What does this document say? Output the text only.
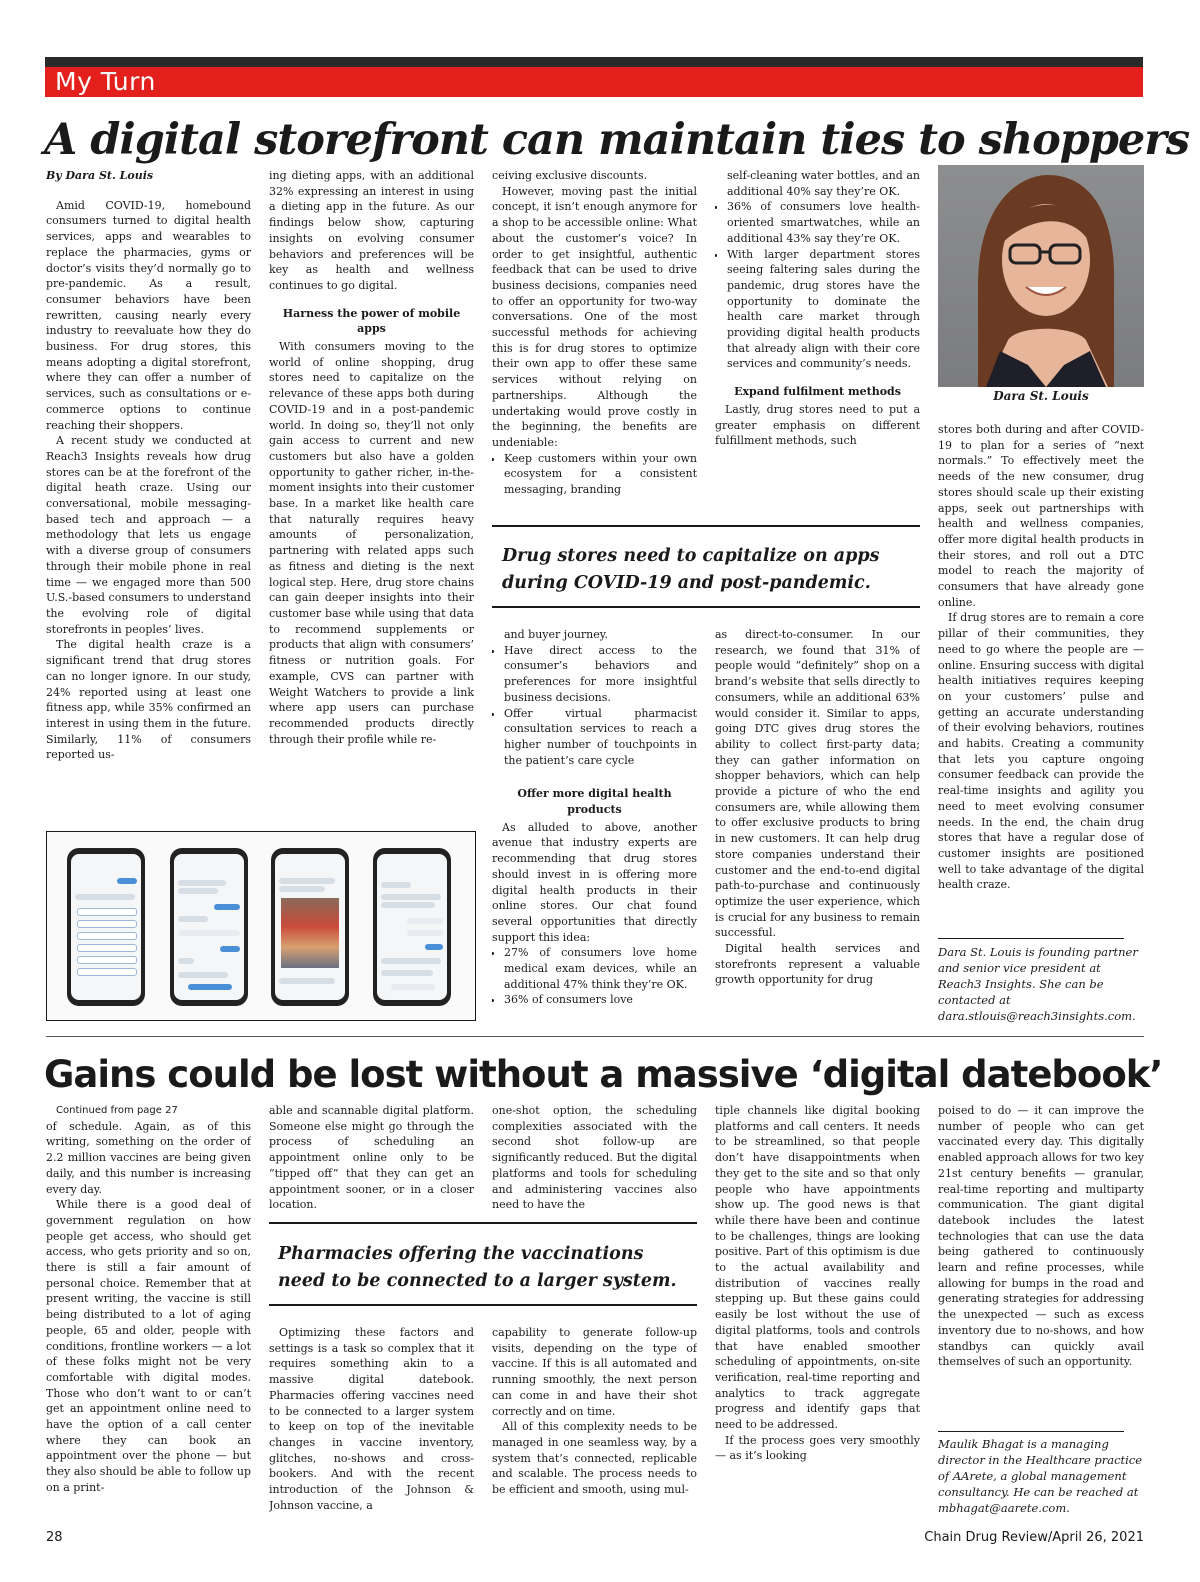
My Turn
A digital storefront can maintain ties to shoppers

By Dara St. Louis

Amid COVID-19, homebound consumers turned to digital health services, apps and wearables to replace the pharmacies, gyms or doctor’s visits they’d normally go to pre-pandemic. As a result, consumer behaviors have been rewritten, causing nearly every industry to reevaluate how they do business. For drug stores, this means adopting a digital storefront, where they can offer a number of services, such as consultations or e-commerce options to continue reaching their shoppers.

A recent study we conducted at Reach3 Insights reveals how drug stores can be at the forefront of the digital heath craze. Using our conversational, mobile messaging-based tech and approach — a methodology that lets us engage with a diverse group of consumers through their mobile phone in real time — we engaged more than 500 U.S.-based consumers to understand the evolving role of digital storefronts in peoples’ lives.

The digital health craze is a significant trend that drug stores can no longer ignore. In our study, 24% reported using at least one fitness app, while 35% confirmed an interest in using them in the future. Similarly, 11% of consumers reported us-

ing dieting apps, with an additional 32% expressing an interest in using a dieting app in the future. As our findings below show, capturing insights on evolving consumer behaviors and preferences will be key as health and wellness continues to go digital.

Harness the power of mobile apps

With consumers moving to the world of online shopping, drug stores need to capitalize on the relevance of these apps both during COVID-19 and in a post-pandemic world. In doing so, they’ll not only gain access to current and new customers but also have a golden opportunity to gather richer, in-the-moment insights into their customer base. In a market like health care that naturally requires heavy amounts of personalization, partnering with related apps such as fitness and dieting is the next logical step. Here, drug store chains can gain deeper insights into their customer base while using that data to recommend supplements or products that align with consumers’ fitness or nutrition goals. For example, CVS can partner with Weight Watchers to provide a link where app users can purchase recommended products directly through their profile while re-

ceiving exclusive discounts.

However, moving past the initial concept, it isn’t enough anymore for a shop to be accessible online: What about the customer’s voice? In order to get insightful, authentic feedback that can be used to drive business decisions, companies need to offer an opportunity for two-way conversations. One of the most successful methods for achieving this is for drug stores to optimize their own app to offer these same services without relying on partnerships. Although the undertaking would prove costly in the beginning, the benefits are undeniable:

• Keep customers within your own ecosystem for a consistent messaging, branding

self-cleaning water bottles, and an additional 40% say they’re OK.

• 36% of consumers love health-oriented smartwatches, while an additional 43% say they’re OK.
• With larger department stores seeing faltering sales during the pandemic, drug stores have the opportunity to dominate the health care market through providing digital health products that already align with their core services and community’s needs.

Expand fulfilment methods

Lastly, drug stores need to put a greater emphasis on different fulfillment methods, such

Drug stores need to capitalize on apps during COVID-19 and post-pandemic.

and buyer journey.

• Have direct access to the consumer’s behaviors and preferences for more insightful business decisions.
• Offer virtual pharmacist consultation services to reach a higher number of touchpoints in the patient’s care cycle

Offer more digital health products

As alluded to above, another avenue that industry experts are recommending that drug stores should invest in is offering more digital health products in their online stores. Our chat found several opportunities that directly support this idea:

• 27% of consumers love home medical exam devices, while an additional 47% think they’re OK.
• 36% of consumers love

as direct-to-consumer. In our research, we found that 31% of people would “definitely” shop on a brand’s website that sells directly to consumers, while an additional 63% would consider it. Similar to apps, going DTC gives drug stores the ability to collect first-party data; they can gather information on shopper behaviors, which can help provide a picture of who the end consumers are, while allowing them to offer exclusive products to bring in new customers. It can help drug store companies understand their customer and the end-to-end digital path-to-purchase and continuously optimize the user experience, which is crucial for any business to remain successful.

Digital health services and storefronts represent a valuable growth opportunity for drug

Dara St. Louis

stores both during and after COVID-19 to plan for a series of “next normals.” To effectively meet the needs of the new consumer, drug stores should scale up their existing apps, seek out partnerships with health and wellness companies, offer more digital health products in their stores, and roll out a DTC model to reach the majority of consumers that have already gone online.

If drug stores are to remain a core pillar of their communities, they need to go where the people are — online. Ensuring success with digital health initiatives requires keeping on your customers’ pulse and getting an accurate understanding of their evolving behaviors, routines and habits. Creating a community that lets you capture ongoing consumer feedback can provide the real-time insights and agility you need to meet evolving consumer needs. In the end, the chain drug stores that have a regular dose of customer insights are positioned well to take advantage of the digital health craze.

Dara St. Louis is founding partner and senior vice president at Reach3 Insights. She can be contacted at dara.stlouis@reach3insights.com.
Gains could be lost without a massive ‘digital datebook’

Continued from page 27

of schedule. Again, as of this writing, something on the order of 2.2 million vaccines are being given daily, and this number is increasing every day.

While there is a good deal of government regulation on how people get access, who should get access, who gets priority and so on, there is still a fair amount of personal choice. Remember that at present writing, the vaccine is still being distributed to a lot of aging people, 65 and older, people with conditions, frontline workers — a lot of these folks might not be very comfortable with digital modes. Those who don’t want to or can’t get an appointment online need to have the option of a call center where they can book an appointment over the phone — but they also should be able to follow up on a print-

able and scannable digital platform. Someone else might go through the process of scheduling an appointment online only to be “tipped off” that they can get an appointment sooner, or in a closer location.

one-shot option, the scheduling complexities associated with the second shot follow-up are significantly reduced. But the digital platforms and tools for scheduling and administering vaccines also need to have the

Pharmacies offering the vaccinations need to be connected to a larger system.

Optimizing these factors and settings is a task so complex that it requires something akin to a massive digital datebook. Pharmacies offering vaccines need to be connected to a larger system to keep on top of the inevitable changes in vaccine inventory, glitches, no-shows and cross-bookers. And with the recent introduction of the Johnson & Johnson vaccine, a

capability to generate follow-up visits, depending on the type of vaccine. If this is all automated and running smoothly, the next person can come in and have their shot correctly and on time.

All of this complexity needs to be managed in one seamless way, by a system that’s connected, replicable and scalable. The process needs to be efficient and smooth, using mul-

tiple channels like digital booking platforms and call centers. It needs to be streamlined, so that people don’t have disappointments when they get to the site and so that only people who have appointments show up. The good news is that while there have been and continue to be challenges, things are looking positive. Part of this optimism is due to the actual availability and distribution of vaccines really stepping up. But these gains could easily be lost without the use of digital platforms, tools and controls that have enabled smoother scheduling of appointments, on-site verification, real-time reporting and analytics to track aggregate progress and identify gaps that need to be addressed.

If the process goes very smoothly — as it’s looking

poised to do — it can improve the number of people who can get vaccinated every day. This digitally enabled approach allows for two key 21st century benefits — granular, real-time reporting and multiparty communication. The giant digital datebook includes the latest technologies that can use the data being gathered to continuously learn and refine processes, while allowing for bumps in the road and generating strategies for addressing the unexpected — such as excess inventory due to no-shows, and how standbys can quickly avail themselves of such an opportunity.

Maulik Bhagat is a managing director in the Healthcare practice of AArete, a global management consultancy. He can be reached at mbhagat@aarete.com.
28	Chain Drug Review/April 26, 2021
